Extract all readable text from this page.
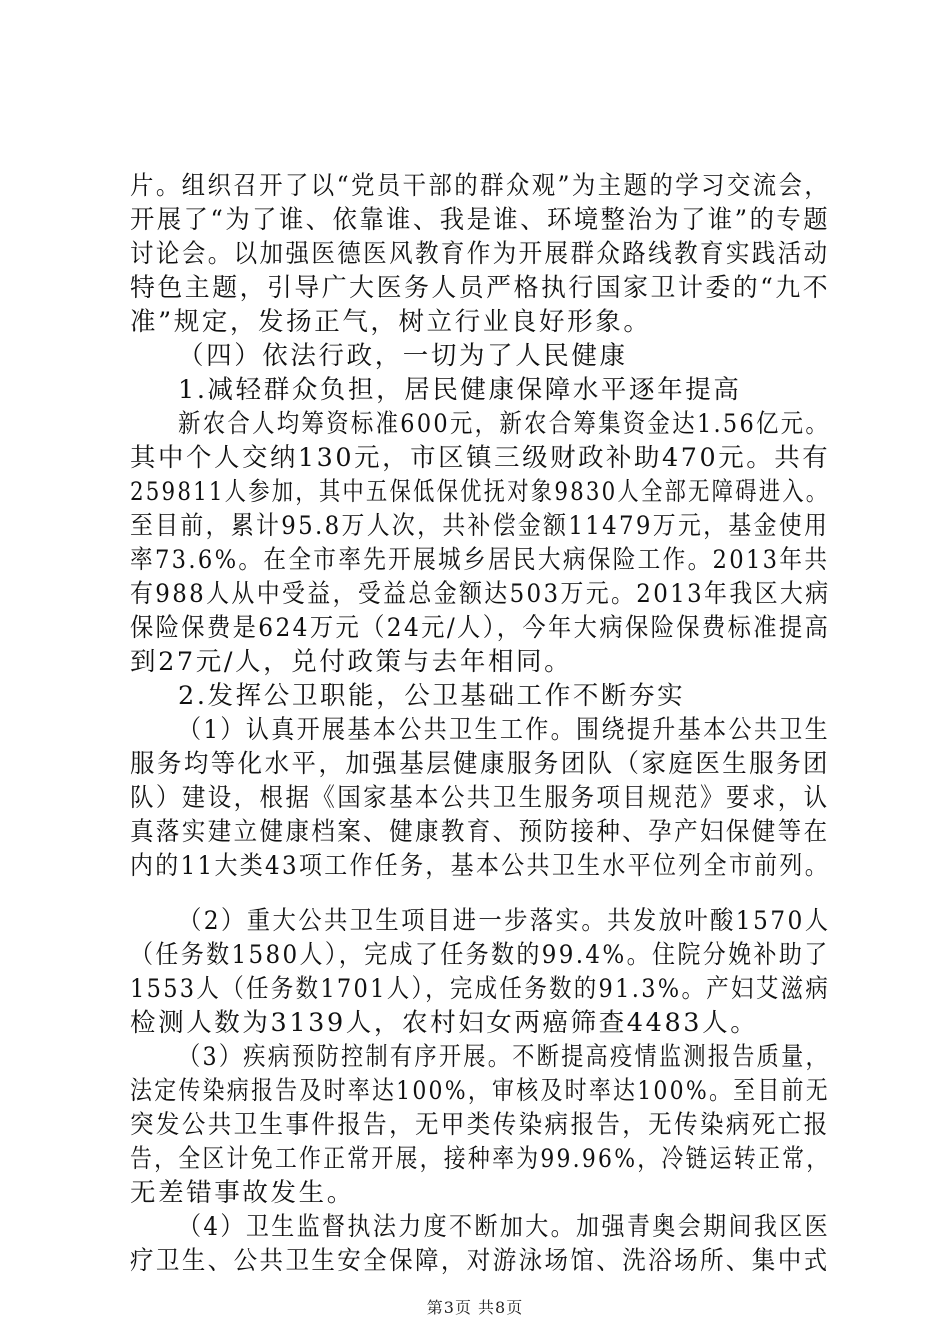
片。组织召开了以“党员干部的群众观”为主题的学习交流会，
开展了“为了谁、依靠谁、我是谁、环境整治为了谁”的专题
讨论会。以加强医德医风教育作为开展群众路线教育实践活动
特色主题，引导广大医务人员严格执行国家卫计委的“九不
准”规定，发扬正气，树立行业良好形象。
（四）依法行政，一切为了人民健康
1.减轻群众负担，居民健康保障水平逐年提高
新农合人均筹资标准600元，新农合筹集资金达1.56亿元。
其中个人交纳130元，市区镇三级财政补助470元。共有
259811人参加，其中五保低保优抚对象9830人全部无障碍进入。
至目前，累计95.8万人次，共补偿金额11479万元，基金使用
率73.6%。在全市率先开展城乡居民大病保险工作。2013年共
有988人从中受益，受益总金额达503万元。2013年我区大病
保险保费是624万元（24元/人），今年大病保险保费标准提高
到27元/人，兑付政策与去年相同。
2.发挥公卫职能，公卫基础工作不断夯实
（1）认真开展基本公共卫生工作。围绕提升基本公共卫生
服务均等化水平，加强基层健康服务团队（家庭医生服务团
队）建设，根据《国家基本公共卫生服务项目规范》要求，认
真落实建立健康档案、健康教育、预防接种、孕产妇保健等在
内的11大类43项工作任务，基本公共卫生水平位列全市前列。
（2）重大公共卫生项目进一步落实。共发放叶酸1570人
（任务数1580人），完成了任务数的99.4%。住院分娩补助了
1553人（任务数1701人），完成任务数的91.3%。产妇艾滋病
检测人数为3139人，农村妇女两癌筛查4483人。
（3）疾病预防控制有序开展。不断提高疫情监测报告质量，
法定传染病报告及时率达100%，审核及时率达100%。至目前无
突发公共卫生事件报告，无甲类传染病报告，无传染病死亡报
告，全区计免工作正常开展，接种率为99.96%，冷链运转正常，
无差错事故发生。
（4）卫生监督执法力度不断加大。加强青奥会期间我区医
疗卫生、公共卫生安全保障，对游泳场馆、洗浴场所、集中式
第3页 共8页
